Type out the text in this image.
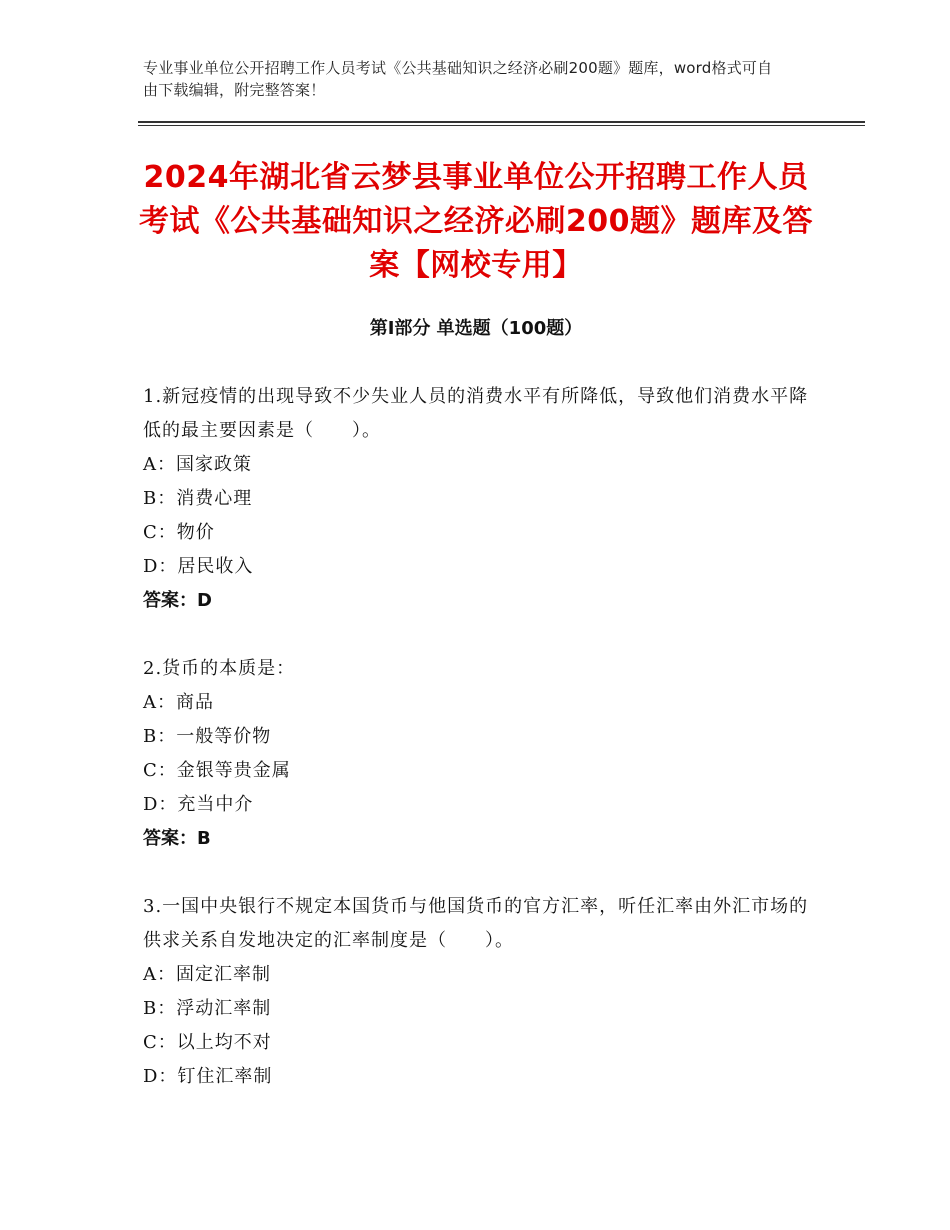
专业事业单位公开招聘工作人员考试《公共基础知识之经济必刷200题》题库，word格式可自由下载编辑，附完整答案！
2024年湖北省云梦县事业单位公开招聘工作人员考试《公共基础知识之经济必刷200题》题库及答案【网校专用】
第Ⅰ部分 单选题（100题）
1.新冠疫情的出现导致不少失业人员的消费水平有所降低，导致他们消费水平降低的最主要因素是（　　）。
A：国家政策
B：消费心理
C：物价
D：居民收入
答案：D
2.货币的本质是：
A：商品
B：一般等价物
C：金银等贵金属
D：充当中介
答案：B
3.一国中央银行不规定本国货币与他国货币的官方汇率，听任汇率由外汇市场的供求关系自发地决定的汇率制度是（　　）。
A：固定汇率制
B：浮动汇率制
C：以上均不对
D：钉住汇率制
